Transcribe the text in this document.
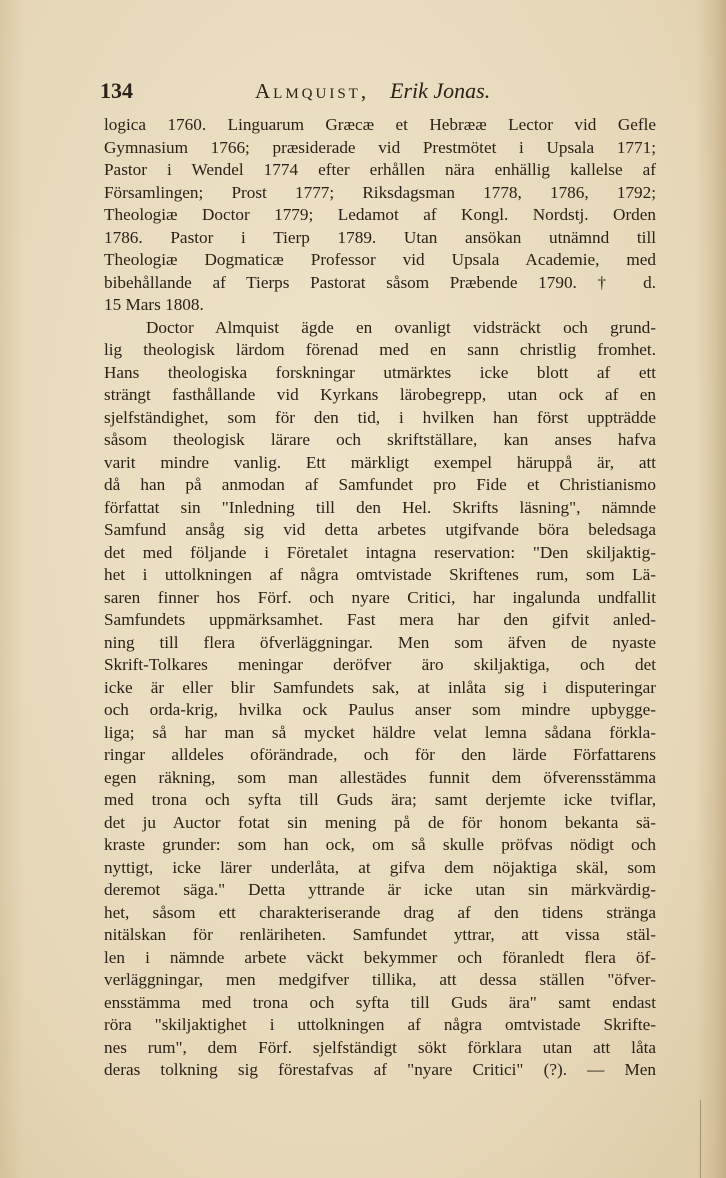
134	Almquist, Erik Jonas.
logica 1760. Linguarum Græcæ et Hebrææ Lector vid Gefle
Gymnasium 1766; præsiderade vid Prestmötet i Upsala 1771;
Pastor i Wendel 1774 efter erhållen nära enhällig kallelse af
Församlingen; Prost 1777; Riksdagsman 1778, 1786, 1792;
Theologiæ Doctor 1779; Ledamot af Kongl. Nordstj. Orden
1786. Pastor i Tierp 1789. Utan ansökan utnämnd till
Theologiæ Dogmaticæ Professor vid Upsala Academie, med
bibehållande af Tierps Pastorat såsom Præbende 1790. † d.
15 Mars 1808.
Doctor Almquist ägde en ovanligt vidsträckt och grund-
lig theologisk lärdom förenad med en sann christlig fromhet.
Hans theologiska forskningar utmärktes icke blott af ett
strängt fasthållande vid Kyrkans lärobegrepp, utan ock af en
sjelfständighet, som för den tid, i hvilken han först uppträdde
såsom theologisk lärare och skriftställare, kan anses hafva
varit mindre vanlig. Ett märkligt exempel häruppå är, att
då han på anmodan af Samfundet pro Fide et Christianismo
författat sin "Inledning till den Hel. Skrifts läsning", nämnde
Samfund ansåg sig vid detta arbetes utgifvande böra beledsaga
det med följande i Företalet intagna reservation: "Den skiljaktig-
het i uttolkningen af några omtvistade Skriftenes rum, som Lä-
saren finner hos Förf. och nyare Critici, har ingalunda undfallit
Samfundets uppmärksamhet. Fast mera har den gifvit anled-
ning till flera öfverläggningar. Men som äfven de nyaste
Skrift-Tolkares meningar deröfver äro skiljaktiga, och det
icke är eller blir Samfundets sak, at inlåta sig i disputeringar
och orda-krig, hvilka ock Paulus anser som mindre upbygge-
liga; så har man så mycket häldre velat lemna sådana förkla-
ringar alldeles oförändrade, och för den lärde Författarens
egen räkning, som man allestädes funnit dem öfverensstämma
med trona och syfta till Guds ära; samt derjemte icke tviflar,
det ju Auctor fotat sin mening på de för honom bekanta sä-
kraste grunder: som han ock, om så skulle pröfvas nödigt och
nyttigt, icke lärer underlåta, at gifva dem nöjaktiga skäl, som
deremot säga." Detta yttrande är icke utan sin märkvärdig-
het, såsom ett charakteriserande drag af den tidens stränga
nitälskan för renläriheten. Samfundet yttrar, att vissa stäl-
len i nämnde arbete väckt bekymmer och föranledt flera öf-
verläggningar, men medgifver tillika, att dessa ställen "öfver-
ensstämma med trona och syfta till Guds ära" samt endast
röra "skiljaktighet i uttolkningen af några omtvistade Skrifte-
nes rum", dem Förf. sjelfständigt sökt förklara utan att låta
deras tolkning sig förestafvas af "nyare Critici" (?). — Men
